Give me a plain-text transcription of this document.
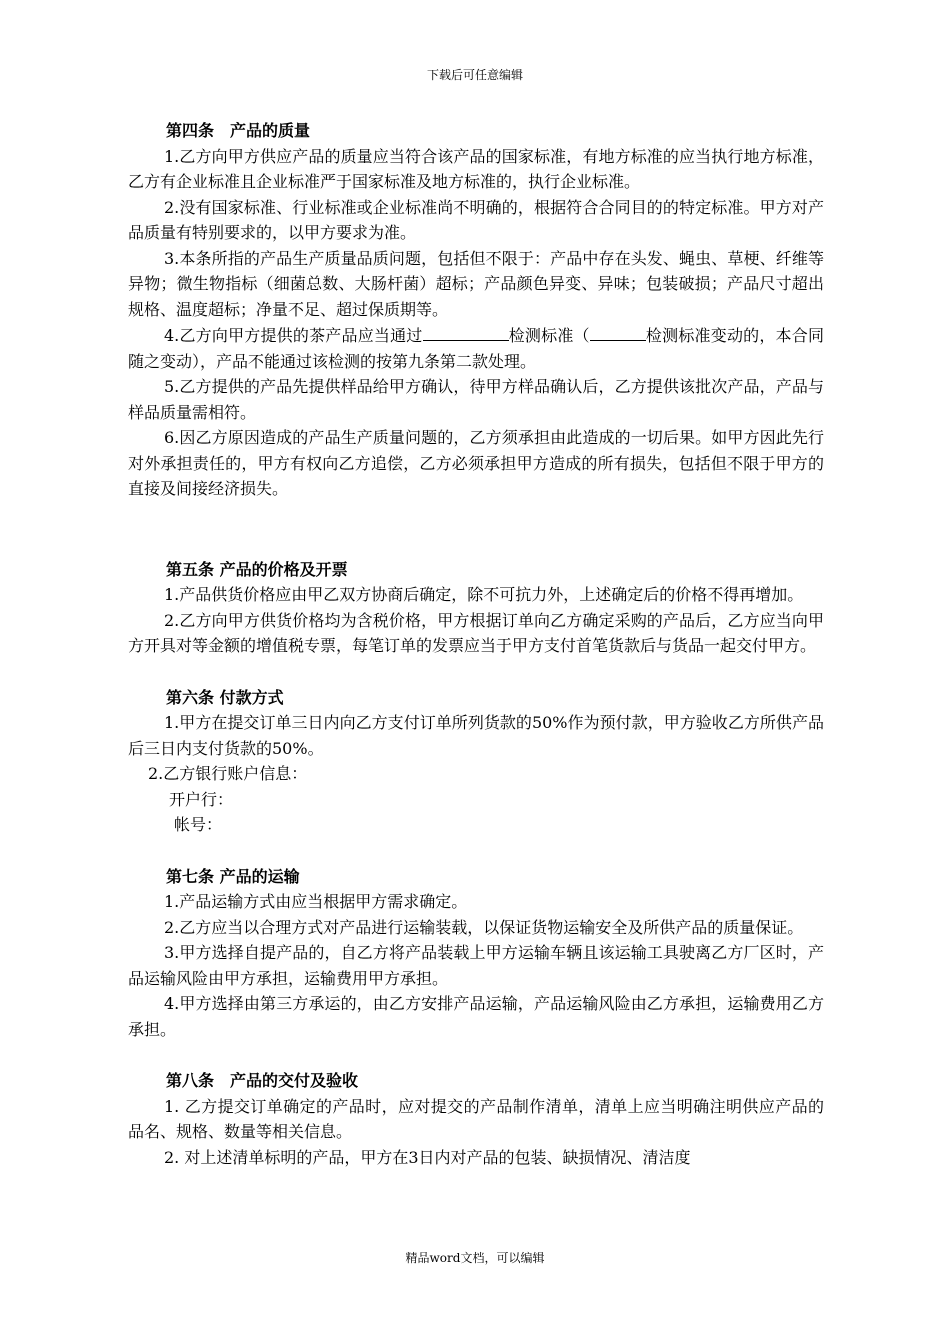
下载后可任意编辑

第四条　产品的质量

1.乙方向甲方供应产品的质量应当符合该产品的国家标准，有地方标准的应当执行地方标准，乙方有企业标准且企业标准严于国家标准及地方标准的，执行企业标准。

2.没有国家标准、行业标准或企业标准尚不明确的，根据符合合同目的的特定标准。甲方对产品质量有特别要求的，以甲方要求为准。

3.本条所指的产品生产质量品质问题，包括但不限于：产品中存在头发、蝇虫、草梗、纤维等异物；微生物指标（细菌总数、大肠杆菌）超标；产品颜色异变、异味；包装破损；产品尺寸超出规格、温度超标；净量不足、超过保质期等。

4.乙方向甲方提供的茶产品应当通过	检测标准（	检测标准变动的，本合同随之变动），产品不能通过该检测的按第九条第二款处理。

5.乙方提供的产品先提供样品给甲方确认，待甲方样品确认后，乙方提供该批次产品，产品与样品质量需相符。

6.因乙方原因造成的产品生产质量问题的，乙方须承担由此造成的一切后果。如甲方因此先行对外承担责任的，甲方有权向乙方追偿，乙方必须承担甲方造成的所有损失，包括但不限于甲方的直接及间接经济损失。

第五条 产品的价格及开票

1.产品供货价格应由甲乙双方协商后确定，除不可抗力外，上述确定后的价格不得再增加。

2.乙方向甲方供货价格均为含税价格，甲方根据订单向乙方确定采购的产品后，乙方应当向甲方开具对等金额的增值税专票，每笔订单的发票应当于甲方支付首笔货款后与货品一起交付甲方。

第六条 付款方式

1.甲方在提交订单三日内向乙方支付订单所列货款的50%作为预付款，甲方验收乙方所供产品后三日内支付货款的50%。

2.乙方银行账户信息：

开户行：

帐号：

第七条 产品的运输

1.产品运输方式由应当根据甲方需求确定。

2.乙方应当以合理方式对产品进行运输装载，以保证货物运输安全及所供产品的质量保证。

3.甲方选择自提产品的，自乙方将产品装载上甲方运输车辆且该运输工具驶离乙方厂区时，产品运输风险由甲方承担，运输费用甲方承担。

4.甲方选择由第三方承运的，由乙方安排产品运输，产品运输风险由乙方承担，运输费用乙方承担。

第八条　产品的交付及验收

1. 乙方提交订单确定的产品时，应对提交的产品制作清单，清单上应当明确注明供应产品的品名、规格、数量等相关信息。

2. 对上述清单标明的产品，甲方在3日内对产品的包装、缺损情况、清洁度

精品word文档，可以编辑
